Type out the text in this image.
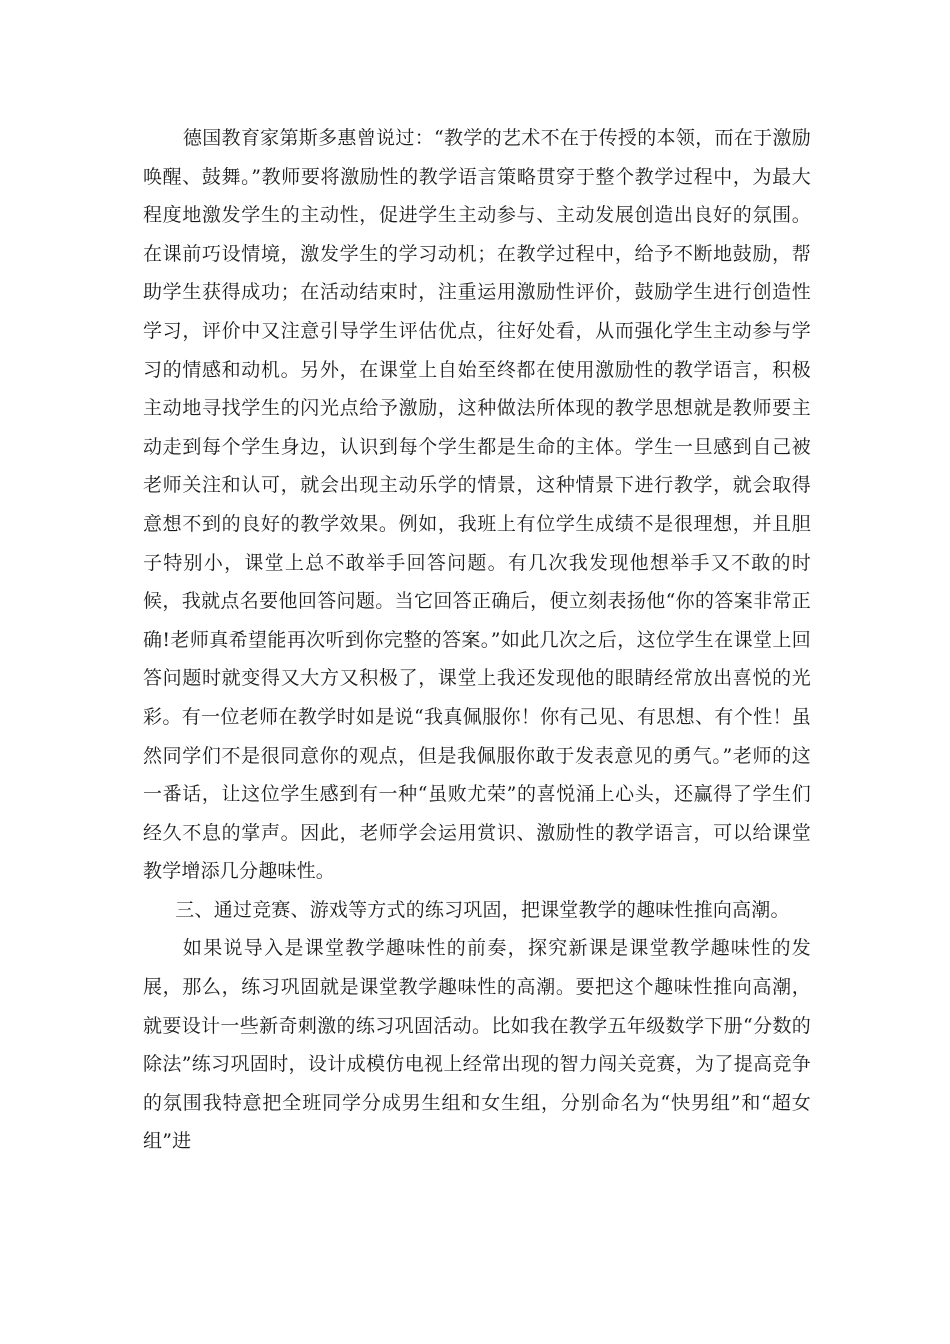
德国教育家第斯多惠曾说过：“教学的艺术不在于传授的本领，而在于激励唤醒、鼓舞。”教师要将激励性的教学语言策略贯穿于整个教学过程中，为最大程度地激发学生的主动性，促进学生主动参与、主动发展创造出良好的氛围。在课前巧设情境，激发学生的学习动机；在教学过程中，给予不断地鼓励，帮助学生获得成功；在活动结束时，注重运用激励性评价，鼓励学生进行创造性学习，评价中又注意引导学生评估优点，往好处看，从而强化学生主动参与学习的情感和动机。另外，在课堂上自始至终都在使用激励性的教学语言，积极主动地寻找学生的闪光点给予激励，这种做法所体现的教学思想就是教师要主动走到每个学生身边，认识到每个学生都是生命的主体。学生一旦感到自己被老师关注和认可，就会出现主动乐学的情景，这种情景下进行教学，就会取得意想不到的良好的教学效果。例如，我班上有位学生成绩不是很理想，并且胆子特别小，课堂上总不敢举手回答问题。有几次我发现他想举手又不敢的时候，我就点名要他回答问题。当它回答正确后，便立刻表扬他“你的答案非常正确!老师真希望能再次听到你完整的答案。”如此几次之后，这位学生在课堂上回答问题时就变得又大方又积极了，课堂上我还发现他的眼睛经常放出喜悦的光彩。有一位老师在教学时如是说“我真佩服你！你有己见、有思想、有个性！虽然同学们不是很同意你的观点，但是我佩服你敢于发表意见的勇气。”老师的这一番话，让这位学生感到有一种“虽败尤荣”的喜悦涌上心头，还赢得了学生们经久不息的掌声。因此，老师学会运用赏识、激励性的教学语言，可以给课堂教学增添几分趣味性。

三、通过竞赛、游戏等方式的练习巩固，把课堂教学的趣味性推向高潮。

如果说导入是课堂教学趣味性的前奏，探究新课是课堂教学趣味性的发展，那么，练习巩固就是课堂教学趣味性的高潮。要把这个趣味性推向高潮，就要设计一些新奇刺激的练习巩固活动。比如我在教学五年级数学下册“分数的除法”练习巩固时，设计成模仿电视上经常出现的智力闯关竞赛，为了提高竞争的氛围我特意把全班同学分成男生组和女生组，分别命名为“快男组”和“超女组”进
